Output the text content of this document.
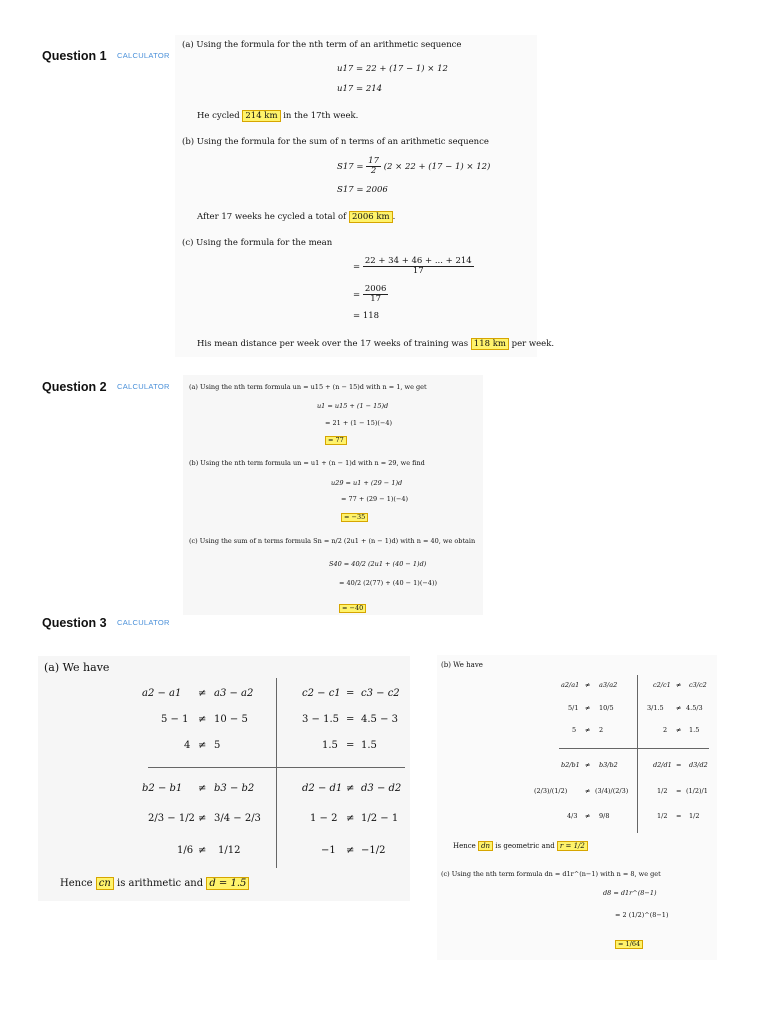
Question 1 CALCULATOR
Question 2 CALCULATOR
Question 3 CALCULATOR
(a) Using the formula for the nth term of an arithmetic sequence
u17 = 22 + (17 − 1) × 12
u17 = 214
He cycled 214 km in the 17th week.
(b) Using the formula for the sum of n terms of an arithmetic sequence
$S17 = \frac{17}{2} (2 \times 22 + (17 - 1) \times 12)$
S17 = 2006
After 17 weeks he cycled a total of 2006 km .
(c) Using the formula for the mean
= $\frac{22 + 34 + 46 + ... + 214}{17}$
= $\frac{2006}{17}$
= 118
His mean distance per week over the 17 weeks of training was 118 km per week.
(a) Using the nth term formula un = u15 + (n − 15)d with n = 1, we get
u1 = u15 + (1 − 15)d
= 21 + (1 − 15)(−4)
= 77
(b) Using the nth term formula un = u1 + (n − 1)d with n = 29, we find
u29 = u1 + (29 − 1)d
= 77 + (29 − 1)(−4)
= −35
(c) Using the sum of n terms formula Sn = n/2 (2u1 + (n − 1)d) with n = 40, we obtain
S40 = 40/2 (2u1 + (40 − 1)d)
= 40/2 (2(77) + (40 − 1)(−4))
= −40
(a) We have
a2 − a1 ≠ a3 − a2
5 − 1 ≠ 10 − 5
4 ≠ 5
c2 − c1 = c3 − c2
3 − 1.5 = 4.5 − 3
1.5 = 1.5
b2 − b1 ≠ b3 − b2
2/3 − 1/2 ≠ 3/4 − 2/3
1/6 ≠ 1/12
d2 − d1 ≠ d3 − d2
1 − 2 ≠ 1/2 − 1
−1 ≠ −1/2
Hence cn is arithmetic and d = 1.5
(b) We have
a2/a1 ≠ a3/a2
5/1 ≠ 10/5
5 ≠ 2
c2/c1 ≠ c3/c2
3/1.5 ≠ 4.5/3
2 ≠ 1.5
b2/b1 ≠ b3/b2
(2/3)/(1/2)	≠ (3/4)/(2/3)
4/3 ≠ 9/8
d2/d1 = d3/d2
1/2 = (1/2)/1
1/2 = 1/2
Hence dn is geometric and r = 1/2
(c) Using the nth term formula dn = d1r^(n−1) with n = 8, we get
d8 = d1r^(8−1)
= 2 (1/2)^(8−1)
= 1/64
